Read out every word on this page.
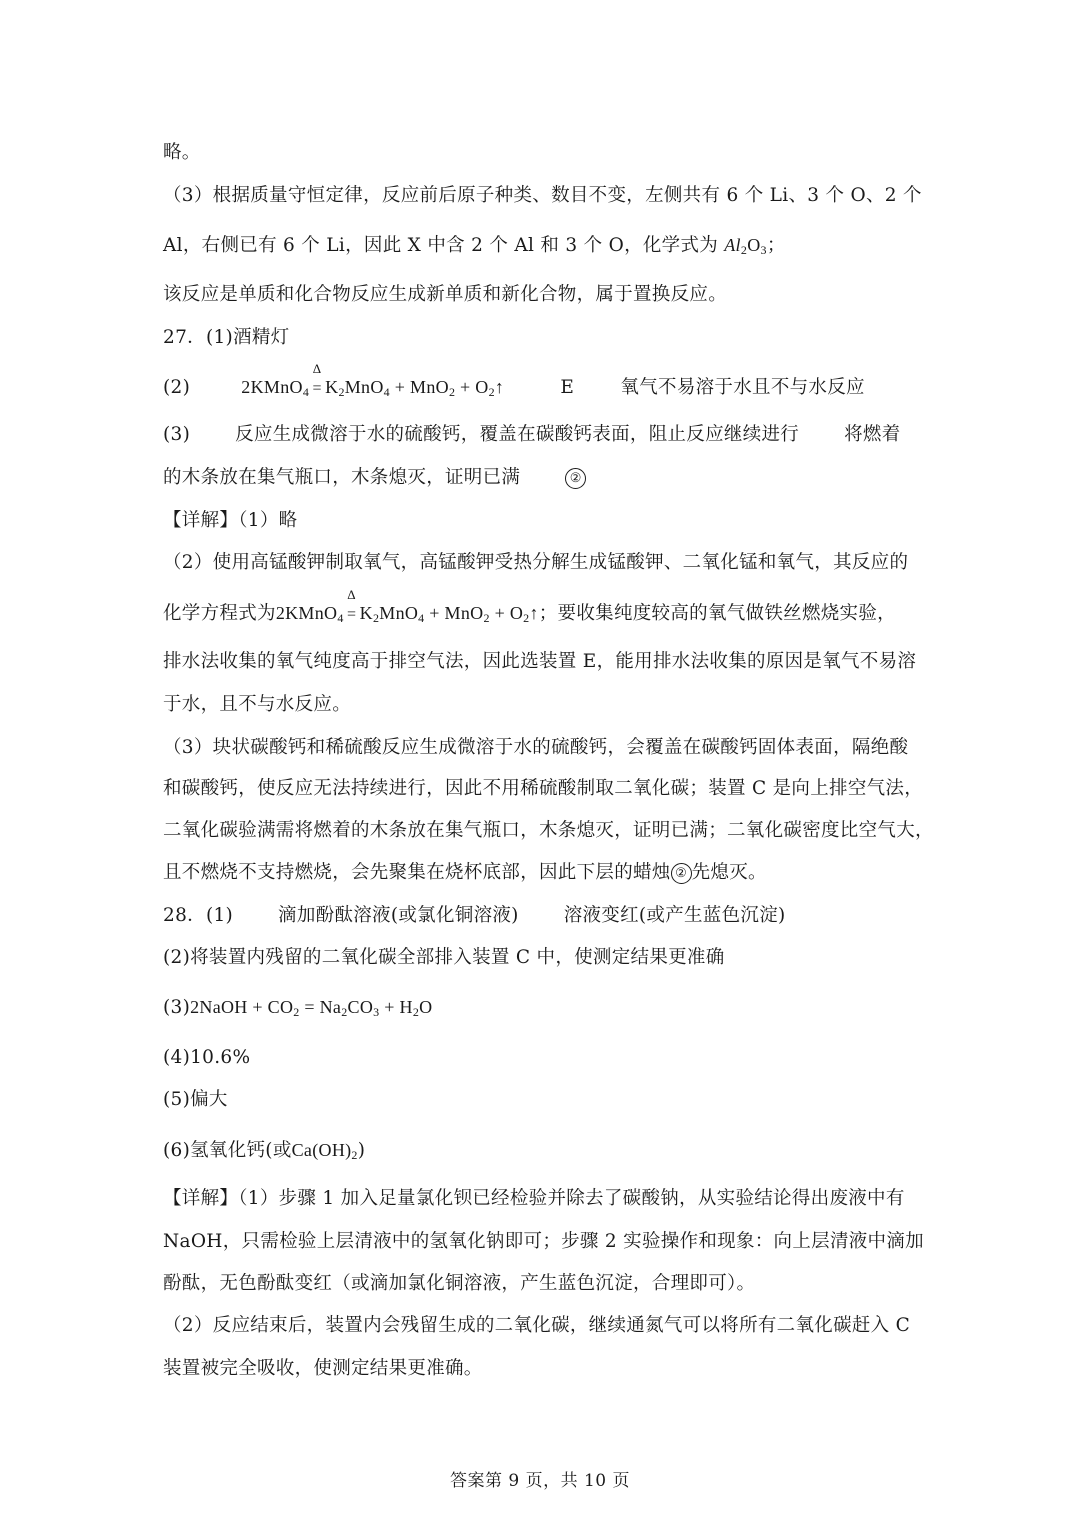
略。
（3）根据质量守恒定律，反应前后原子种类、数目不变，左侧共有 6 个 Li、3 个 O、2 个
Al，右侧已有 6 个 Li，因此 X 中含 2 个 Al 和 3 个 O，化学式为 $Al_2O_3$；
该反应是单质和化合物反应生成新单质和新化合物，属于置换反应。
27．(1)酒精灯
(2)	2KMnO$_4$
Δ
= $K_2MnO_4 + MnO_2$ + $O_2↑$	E 氧气不易溶于水且不与水反应
(3) 反应生成微溶于水的硫酸钙，覆盖在碳酸钙表面，阻止反应继续进行 将燃着
的木条放在集气瓶口，木条熄灭，证明已满	②
【详解】（1）略
（2）使用高锰酸钾制取氧气，高锰酸钾受热分解生成锰酸钾、二氧化锰和氧气，其反应的
化学方程式为2KMnO$_4$
Δ
= $K_2MnO_4 + MnO_2$ + $O_2↑$；要收集纯度较高的氧气做铁丝燃烧实验，
排水法收集的氧气纯度高于排空气法，因此选装置 E，能用排水法收集的原因是氧气不易溶
于水，且不与水反应。
（3）块状碳酸钙和稀硫酸反应生成微溶于水的硫酸钙，会覆盖在碳酸钙固体表面，隔绝酸
和碳酸钙，使反应无法持续进行，因此不用稀硫酸制取二氧化碳；装置 C 是向上排空气法，
二氧化碳验满需将燃着的木条放在集气瓶口，木条熄灭，证明已满；二氧化碳密度比空气大，
且不燃烧不支持燃烧，会先聚集在烧杯底部，因此下层的蜡烛 ② 先熄灭。
28．(1) 滴加酚酞溶液(或氯化铜溶液) 溶液变红(或产生蓝色沉淀)
(2)将装置内残留的二氧化碳全部排入装置 C 中，使测定结果更准确
(3)2NaOH + $CO_2 = Na_2CO_3 + H_2O$
(4)10.6%
(5)偏大
(6)氢氧化钙(或$Ca(OH)_2$)
【详解】（1）步骤 1 加入足量氯化钡已经检验并除去了碳酸钠，从实验结论得出废液中有
NaOH，只需检验上层清液中的氢氧化钠即可；步骤 2 实验操作和现象：向上层清液中滴加
酚酞，无色酚酞变红（或滴加氯化铜溶液，产生蓝色沉淀，合理即可）。
（2）反应结束后，装置内会残留生成的二氧化碳，继续通氮气可以将所有二氧化碳赶入 C
装置被完全吸收，使测定结果更准确。
答案第 9 页，共 10 页
